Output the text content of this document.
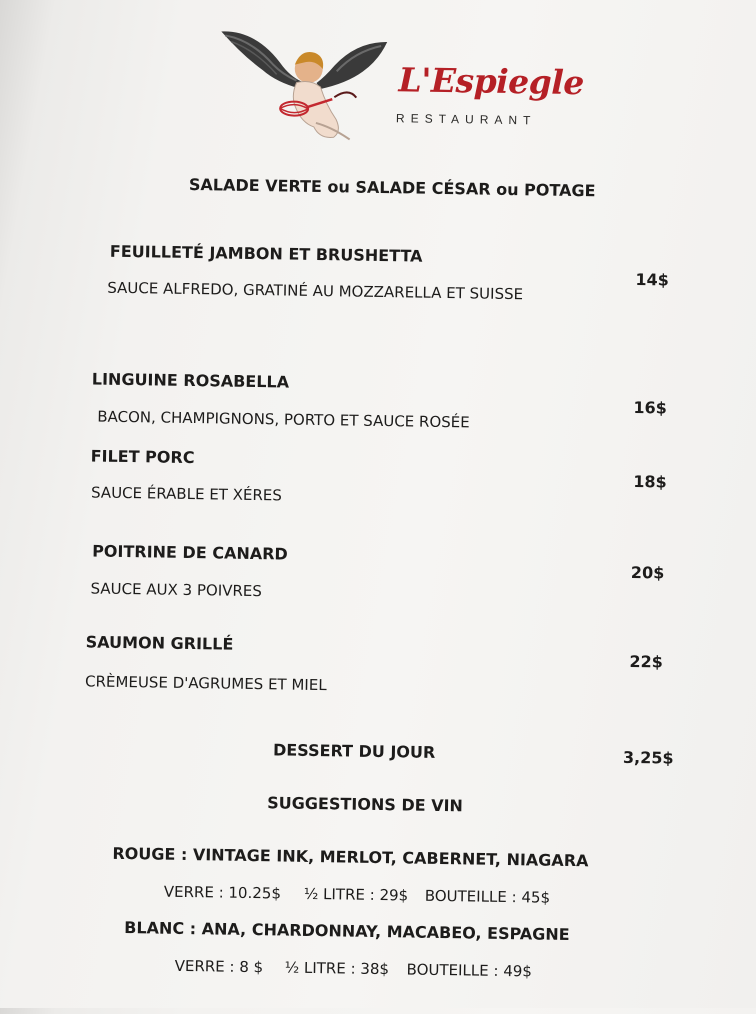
L'Espiegle
RESTAURANT
SALADE VERTE ou SALADE CÉSAR ou POTAGE
FEUILLETÉ JAMBON ET BRUSHETTA
SAUCE ALFREDO, GRATINÉ AU MOZZARELLA ET SUISSE	14$
LINGUINE ROSABELLA
BACON, CHAMPIGNONS, PORTO ET SAUCE ROSÉE	16$
FILET PORC
SAUCE ÉRABLE ET XÉRES
18$
POITRINE DE CANARD
SAUCE AUX 3 POIVRES
20$
SAUMON GRILLÉ
CRÈMEUSE D'AGRUMES ET MIEL
22$
DESSERT DU JOUR	3,25$
SUGGESTIONS DE VIN
ROUGE : VINTAGE INK, MERLOT, CABERNET, NIAGARA
VERRE : 10.25$ ½ LITRE : 29$ BOUTEILLE : 45$
BLANC : ANA, CHARDONNAY, MACABEO, ESPAGNE
VERRE : 8 $ ½ LITRE : 38$ BOUTEILLE : 49$
